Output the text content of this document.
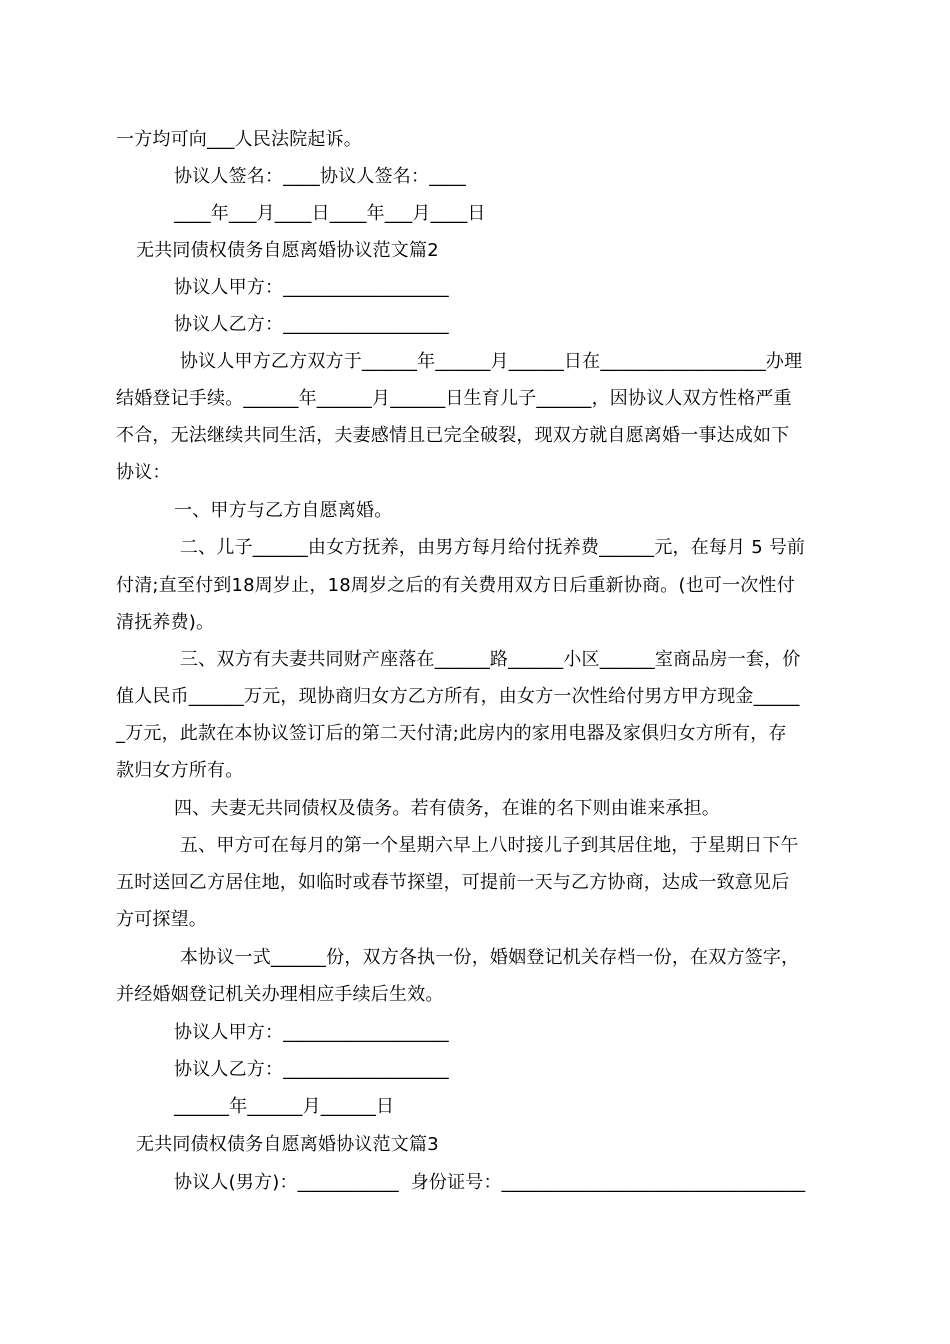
一方均可向___人民法院起诉。
协议人签名：____协议人签名：____
____年___月____日____年___月____日
无共同债权债务自愿离婚协议范文篇2
协议人甲方：__________________
协议人乙方：__________________
协议人甲方乙方双方于______年______月______日在__________________办理
结婚登记手续。______年______月______日生育儿子______，因协议人双方性格严重
不合，无法继续共同生活，夫妻感情且已完全破裂，现双方就自愿离婚一事达成如下
协议：
一、甲方与乙方自愿离婚。
二、儿子______由女方抚养，由男方每月给付抚养费______元，在每月 5 号前
付清;直至付到18周岁止，18周岁之后的有关费用双方日后重新协商。(也可一次性付
清抚养费)。
三、双方有夫妻共同财产座落在______路______小区______室商品房一套，价
值人民币______万元，现协商归女方乙方所有，由女方一次性给付男方甲方现金_____
_万元，此款在本协议签订后的第二天付清;此房内的家用电器及家俱归女方所有，存
款归女方所有。
四、夫妻无共同债权及债务。若有债务，在谁的名下则由谁来承担。
五、甲方可在每月的第一个星期六早上八时接儿子到其居住地，于星期日下午
五时送回乙方居住地，如临时或春节探望，可提前一天与乙方协商，达成一致意见后
方可探望。
本协议一式______份，双方各执一份，婚姻登记机关存档一份，在双方签字，
并经婚姻登记机关办理相应手续后生效。
协议人甲方：__________________
协议人乙方：__________________
______年______月______日
无共同债权债务自愿离婚协议范文篇3
协议人(男方)：___________  身份证号：_________________________________
